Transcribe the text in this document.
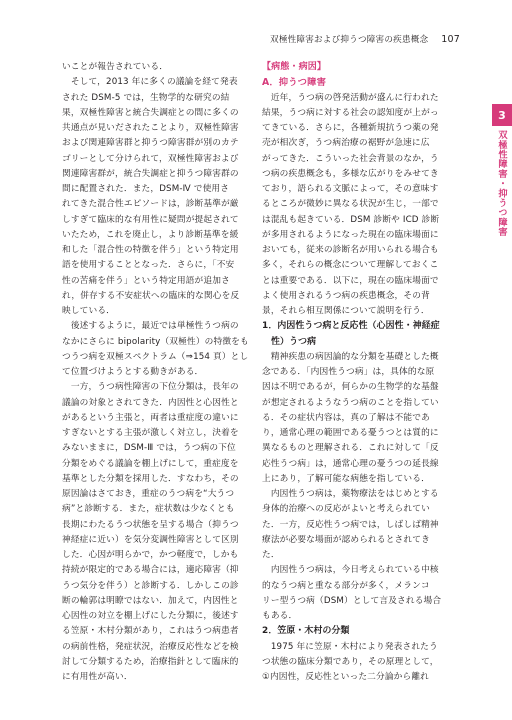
双極性障害および抑うつ障害の疾患概念 107
3
双極性障害・抑うつ障害

いことが報告されている．

　そして，2013 年に多くの議論を経て発表

された DSM-5 では，生物学的な研究の結

果，双極性障害と統合失調症との間に多くの

共通点が見いだされたことより，双極性障害

および関連障害群と抑うつ障害群が別のカテ

ゴリーとして分けられて，双極性障害および

関連障害群が，統合失調症と抑うつ障害群の

間に配置された．また，DSM-Ⅳ で使用さ

れてきた混合性エピソードは，診断基準が厳

しすぎて臨床的な有用性に疑問が提起されて

いたため，これを廃止し，より診断基準を緩

和した「混合性の特徴を伴う」という特定用

語を使用することとなった．さらに，「不安

性の苦痛を伴う」という特定用語が追加さ

れ，併存する不安症状への臨床的な関心を反

映している．

　後述するように，最近では単極性うつ病の

なかにさらに bipolarity（双極性）の特徴をも

つうつ病を双極スペクトラム（⇒154 頁）とし

て位置づけようとする動きがある．

　一方，うつ病性障害の下位分類は，長年の

議論の対象とされてきた．内因性と心因性と

があるという主張と，両者は重症度の違いに

すぎないとする主張が激しく対立し，決着を

みないままに，DSM-Ⅲ では，うつ病の下位

分類をめぐる議論を棚上げにして，重症度を

基準とした分類を採用した．すなわち，その

原因論はさておき，重症のうつ病を“大うつ

病”と診断する．また，症状数は少なくとも

長期にわたるうつ状態を呈する場合（抑うつ

神経症に近い）を気分変調性障害として区別

した．心因が明らかで，かつ軽度で，しかも

持続が限定的である場合には，適応障害（抑

うつ気分を伴う）と診断する．しかしこの診

断の輪郭は明瞭ではない．加えて，内因性と

心因性の対立を棚上げにした分類に，後述す

る笠原・木村分類があり，これはうつ病患者

の病前性格，発症状況，治療反応性などを検

討して分類するため，治療指針として臨床的

に有用性が高い．

【病態・病因】

A．抑うつ障害

　近年，うつ病の啓発活動が盛んに行われた

結果，うつ病に対する社会の認知度が上がっ

てきている．さらに，各種新規抗うつ薬の発

売が相次ぎ，うつ病治療の裾野が急速に広

がってきた．こういった社会背景のなか，う

つ病の疾患概念も，多様な広がりをみせてき

ており，語られる文脈によって，その意味す

るところが微妙に異なる状況が生じ，一部で

は混乱も起きている．DSM 診断や ICD 診断

が多用されるようになった現在の臨床場面に

おいても，従来の診断名が用いられる場合も

多く，それらの概念について理解しておくこ

とは重要である．以下に，現在の臨床場面で

よく使用されるうつ病の疾患概念，その背

景，それら相互関係について説明を行う．

1．内因性うつ病と反応性（心因性・神経症

　性）うつ病

　精神疾患の病因論的な分類を基礎とした概

念である．「内因性うつ病」は，具体的な原

因は不明であるが，何らかの生物学的な基盤

が想定されるようなうつ病のことを指してい

る．その症状内容は，真の了解は不能であ

り，通常心理の範囲である憂うつとは質的に

異なるものと理解される．これに対して「反

応性うつ病」は，通常心理の憂うつの延長線

上にあり，了解可能な病態を指している．

　内因性うつ病は，薬物療法をはじめとする

身体的治療への反応がよいと考えられてい

た．一方，反応性うつ病では，しばしば精神

療法が必要な場面が認められるとされてき

た．

　内因性うつ病は，今日考えられている中核

的なうつ病と重なる部分が多く，メランコ

リー型うつ病（DSM）として言及される場合

もある．

2．笠原・木村の分類

　1975 年に笠原・木村により発表されたう

つ状態の臨床分類であり，その原理として，

①内因性，反応性といった二分論から離れ
